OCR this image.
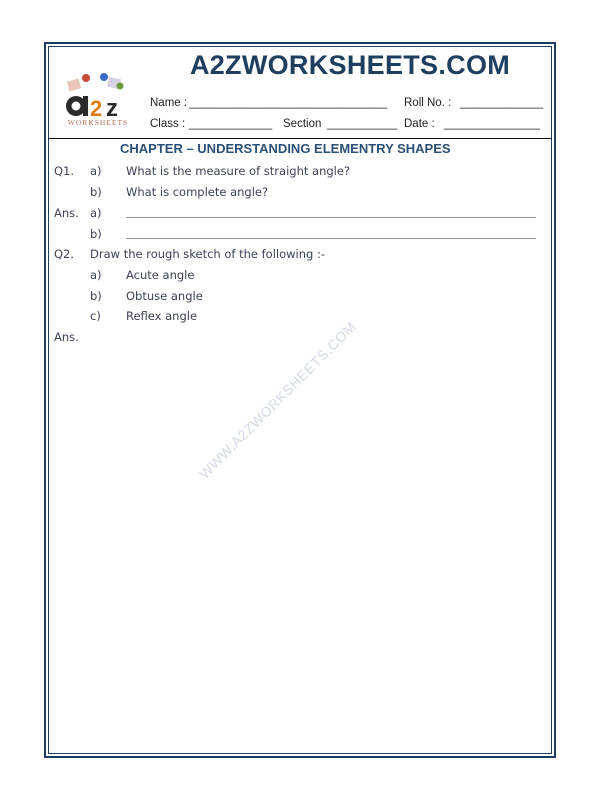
A2ZWORKSHEETS.COM
2 z
WORKSHEETS
Name : _______________________________ Roll No. : _____________
Class : _____________ Section ___________ Date : _______________
CHAPTER – UNDERSTANDING ELEMENTRY SHAPES
Q1. a) What is the measure of straight angle?
b) What is complete angle?
Ans. a)
b)
Q2. Draw the rough sketch of the following :-
a) Acute angle
b) Obtuse angle
c) Reflex angle
Ans.	WWW.A2ZWORKSHEETS.COM
